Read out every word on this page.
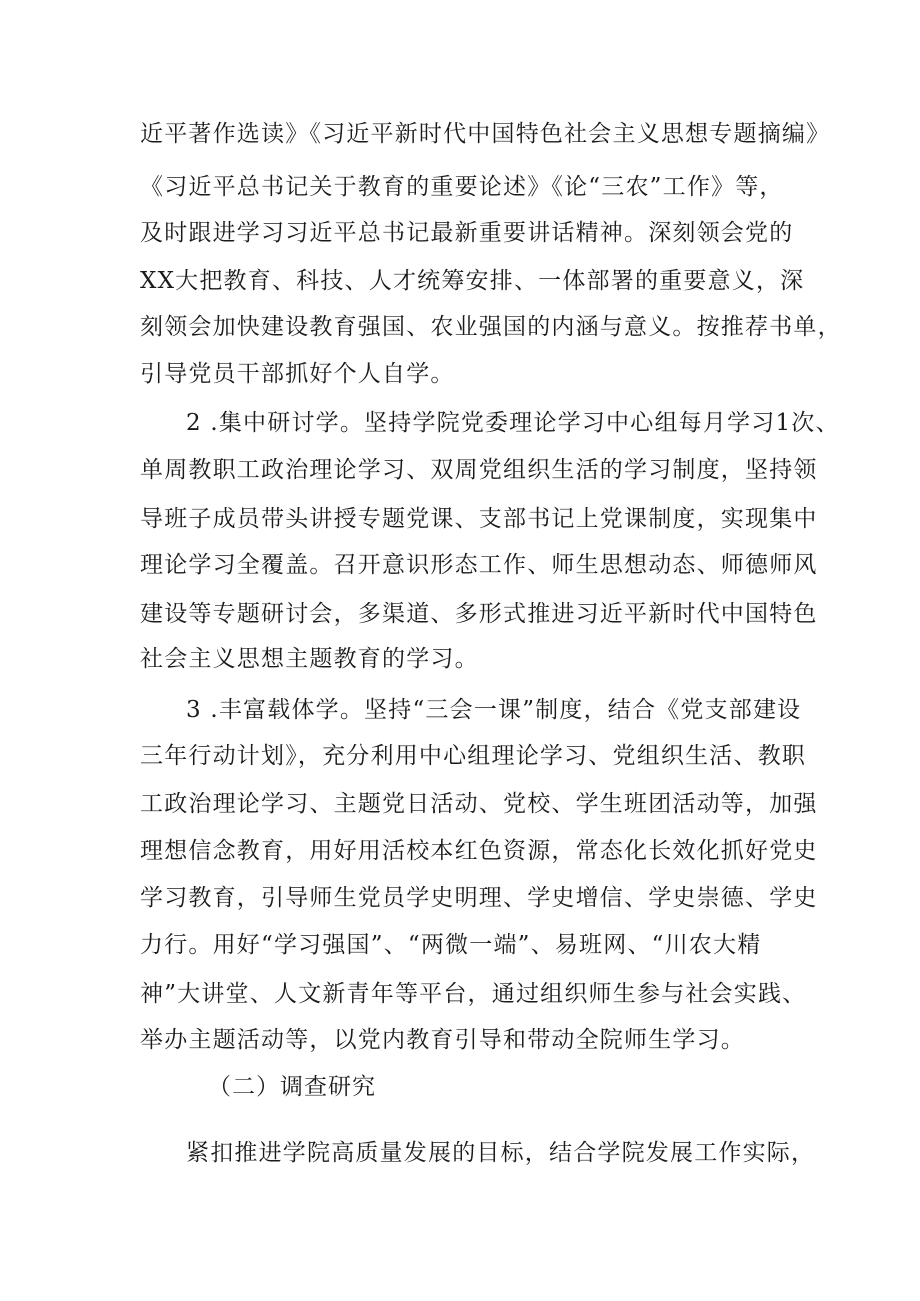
近平著作选读》《习近平新时代中国特色社会主义思想专题摘编》
《习近平总书记关于教育的重要论述》《论“三农”工作》等，
及时跟进学习习近平总书记最新重要讲话精神。深刻领会党的
XX大把教育、科技、人才统筹安排、一体部署的重要意义，深
刻领会加快建设教育强国、农业强国的内涵与意义。按推荐书单，
引导党员干部抓好个人自学。
2 .集中研讨学。坚持学院党委理论学习中心组每月学习1次、
单周教职工政治理论学习、双周党组织生活的学习制度，坚持领
导班子成员带头讲授专题党课、支部书记上党课制度，实现集中
理论学习全覆盖。召开意识形态工作、师生思想动态、师德师风
建设等专题研讨会，多渠道、多形式推进习近平新时代中国特色
社会主义思想主题教育的学习。
3 .丰富载体学。坚持“三会一课”制度，结合《党支部建设
三年行动计划》，充分利用中心组理论学习、党组织生活、教职
工政治理论学习、主题党日活动、党校、学生班团活动等，加强
理想信念教育，用好用活校本红色资源，常态化长效化抓好党史
学习教育，引导师生党员学史明理、学史增信、学史崇德、学史
力行。用好“学习强国”、“两微一端”、易班网、“川农大精
神”大讲堂、人文新青年等平台，通过组织师生参与社会实践、
举办主题活动等，以党内教育引导和带动全院师生学习。
（二）调查研究
紧扣推进学院高质量发展的目标，结合学院发展工作实际，
